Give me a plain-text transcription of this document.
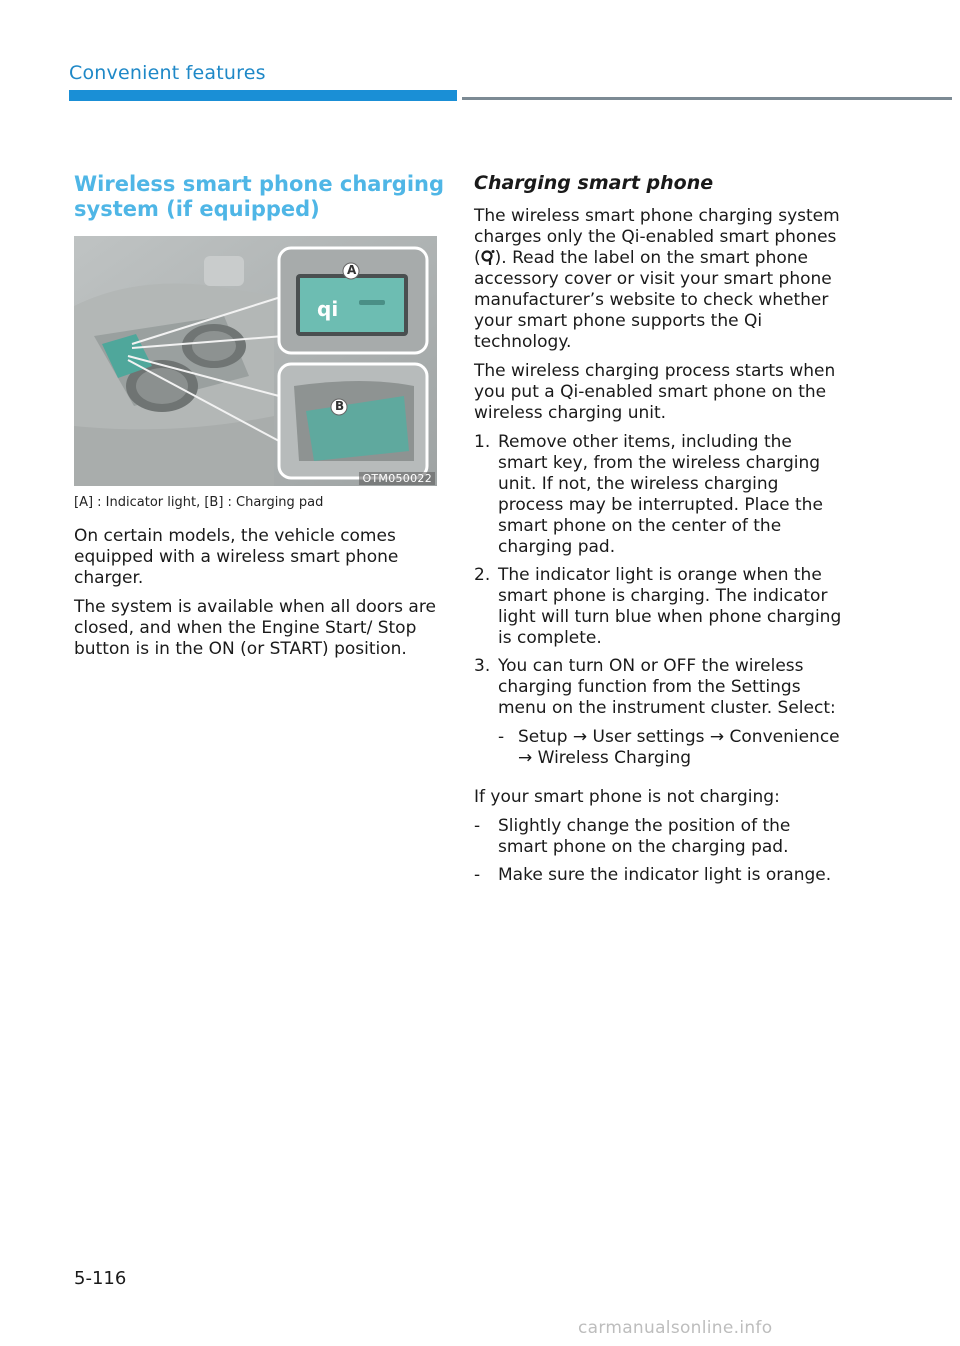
Convenient features
Wireless smart phone charging system (if equipped)
qi
A
B
OTM050022
[A] : Indicator light, [B] : Charging pad

On certain models, the vehicle comes equipped with a wireless smart phone charger.

The system is available when all doors are closed, and when the Engine Start/ Stop button is in the ON (or START) position.

Charging smart phone

The wireless smart phone charging system charges only the Qi-enabled smart phones ( ). Read the label on the smart phone accessory cover or visit your smart phone manufacturer’s website to check whether your smart phone supports the Qi technology.

The wireless charging process starts when you put a Qi-enabled smart phone on the wireless charging unit.

1. Remove other items, including the smart key, from the wireless charging unit. If not, the wireless charging process may be interrupted. Place the smart phone on the center of the charging pad.
2. The indicator light is orange when the smart phone is charging. The indicator light will turn blue when phone charging is complete.
3. You can turn ON or OFF the wireless charging function from the Settings menu on the instrument cluster. Select:
- Setup → User settings → Convenience → Wireless Charging

If your smart phone is not charging:

- Slightly change the position of the smart phone on the charging pad.
- Make sure the indicator light is orange.
5-116
carmanualsonline.info
